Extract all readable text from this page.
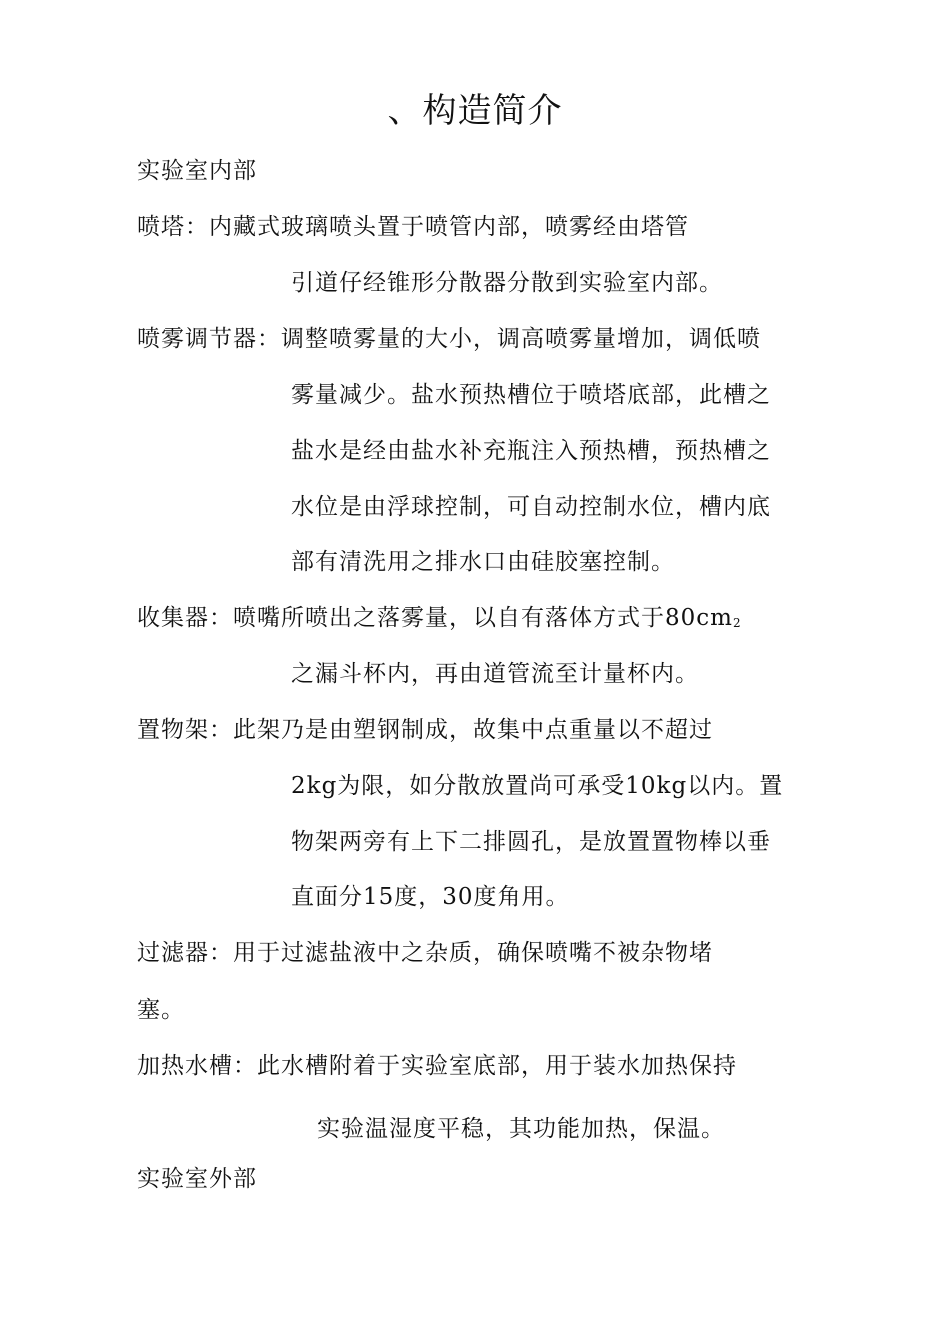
、构造简介
实验室内部
喷塔：内藏式玻璃喷头置于喷管内部，喷雾经由塔管
引道仔经锥形分散器分散到实验室内部。
喷雾调节器：调整喷雾量的大小，调高喷雾量增加，调低喷
雾量减少。盐水预热槽位于喷塔底部，此槽之
盐水是经由盐水补充瓶注入预热槽，预热槽之
水位是由浮球控制，可自动控制水位，槽内底
部有清洗用之排水口由硅胶塞控制。
收集器：喷嘴所喷出之落雾量，以自有落体方式于80cm2
之漏斗杯内，再由道管流至计量杯内。
置物架：此架乃是由塑钢制成，故集中点重量以不超过
2kg为限，如分散放置尚可承受10kg以内。置
物架两旁有上下二排圆孔，是放置置物棒以垂
直面分15度，30度角用。
过滤器：用于过滤盐液中之杂质，确保喷嘴不被杂物堵
塞。
加热水槽：此水槽附着于实验室底部，用于装水加热保持
实验温湿度平稳，其功能加热，保温。
实验室外部
